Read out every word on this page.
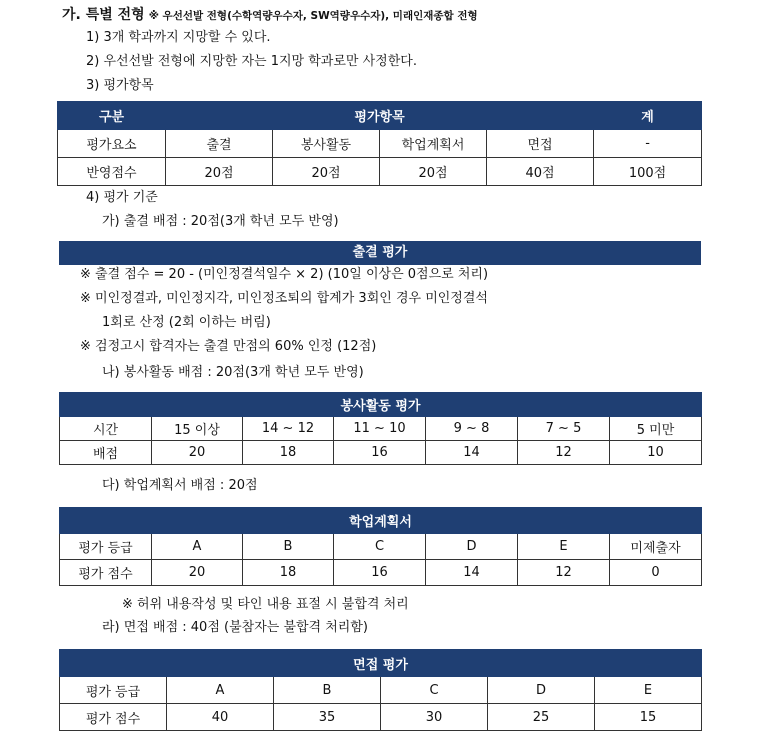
가. 특별 전형 ※ 우선선발 전형(수학역량우수자, SW역량우수자), 미래인재종합 전형
1) 3개 학과까지 지망할 수 있다.
2) 우선선발 전형에 지망한 자는 1지망 학과로만 사정한다.
3) 평가항목
구분	평가항목				계
평가요소	출결	봉사활동	학업계획서	면접	-
반영점수	20점	20점	20점	40점	100점
4) 평가 기준
가) 출결 배점 : 20점(3개 학년 모두 반영)
출결 평가
※ 출결 점수 = 20 - (미인정결석일수 × 2) (10일 이상은 0점으로 처리)
※ 미인정결과, 미인정지각, 미인정조퇴의 합계가 3회인 경우 미인정결석
1회로 산정 (2회 이하는 버림)
※ 검정고시 합격자는 출결 만점의 60% 인정 (12점)
나) 봉사활동 배점 : 20점(3개 학년 모두 반영)
봉사활동 평가						
시간	15 이상	14 ~ 12	11 ~ 10	9 ~ 8	7 ~ 5	5 미만
배점	20	18	16	14	12	10
다) 학업계획서 배점 : 20점
학업계획서						
평가 등급	A	B	C	D	E	미제출자
평가 점수	20	18	16	14	12	0
※ 허위 내용작성 및 타인 내용 표절 시 불합격 처리
라) 면접 배점 : 40점 (불참자는 불합격 처리함)
면접 평가					
평가 등급	A	B	C	D	E
평가 점수	40	35	30	25	15
